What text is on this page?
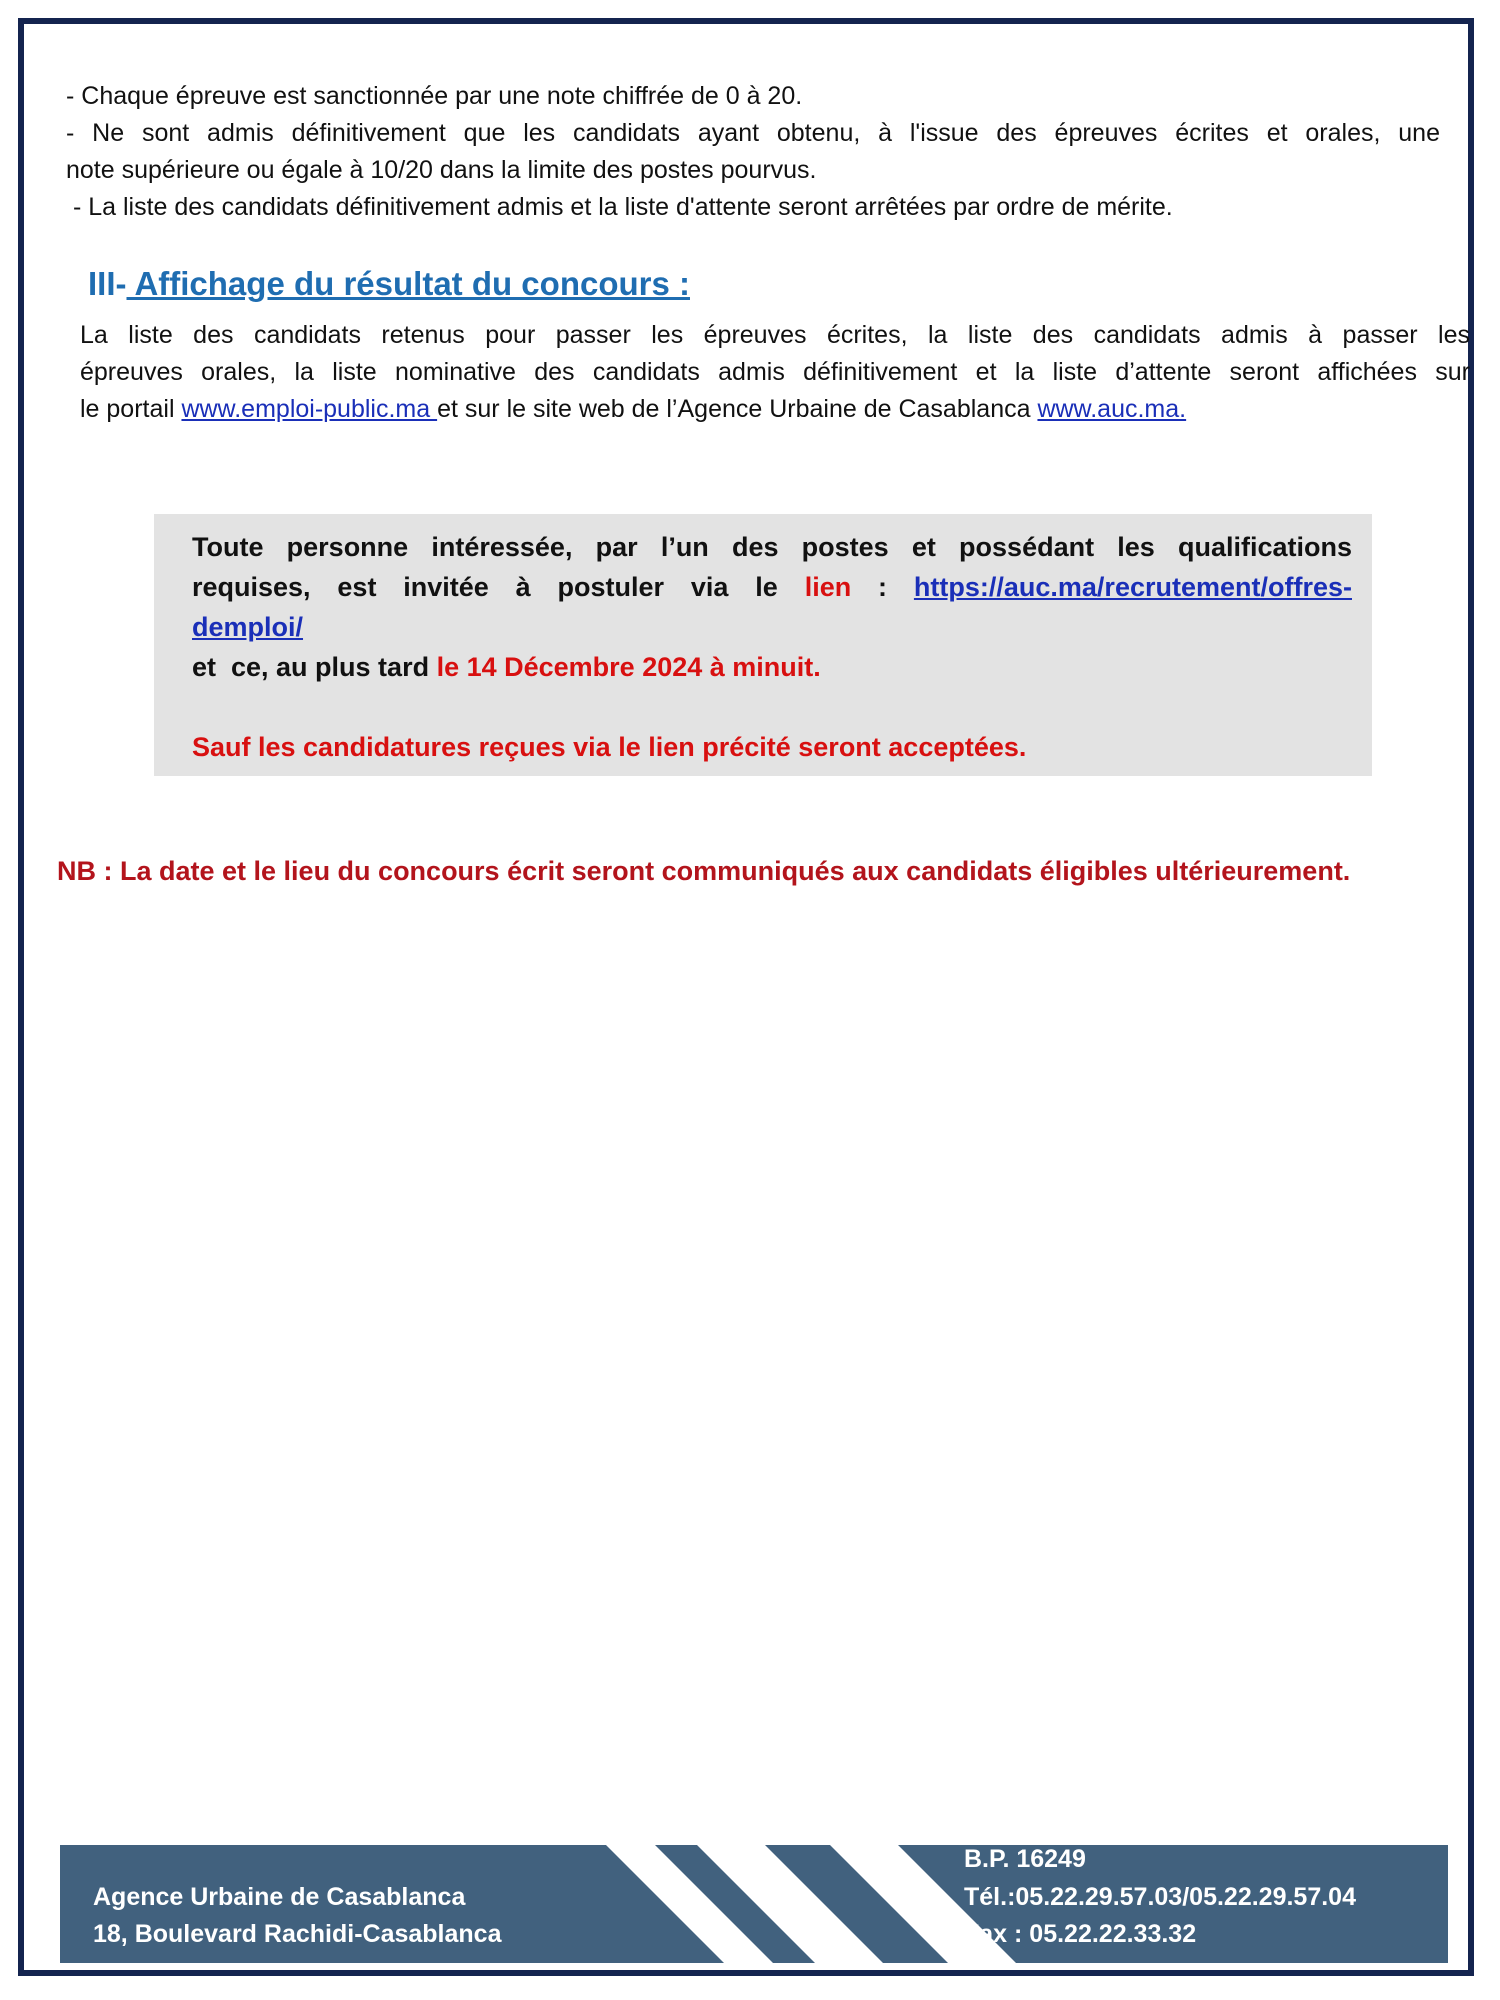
- Chaque épreuve est sanctionnée par une note chiffrée de 0 à 20.
- Ne sont admis définitivement que les candidats ayant obtenu, à l'issue des épreuves écrites et orales, une
note supérieure ou égale à 10/20 dans la limite des postes pourvus.
- La liste des candidats définitivement admis et la liste d'attente seront arrêtées par ordre de mérite.
III- Affichage du résultat du concours :
La liste des candidats retenus pour passer les épreuves écrites, la liste des candidats admis à passer les
épreuves orales, la liste nominative des candidats admis définitivement et la liste d’attente seront affichées sur
le portail www.emploi-public.ma et sur le site web de l’Agence Urbaine de Casablanca www.auc.ma.
Toute personne intéressée, par l’un des postes et possédant les qualifications
requises, est invitée à postuler via le lien : https://auc.ma/recrutement/offres-
demploi/
et  ce, au plus tard le 14 Décembre 2024 à minuit.
Sauf les candidatures reçues via le lien précité seront acceptées.
NB : La date et le lieu du concours écrit seront communiqués aux candidats éligibles ultérieurement.
Agence Urbaine de Casablanca
18, Boulevard Rachidi-Casablanca
B.P. 16249
Tél.:05.22.29.57.03/05.22.29.57.04
Fax : 05.22.22.33.32
